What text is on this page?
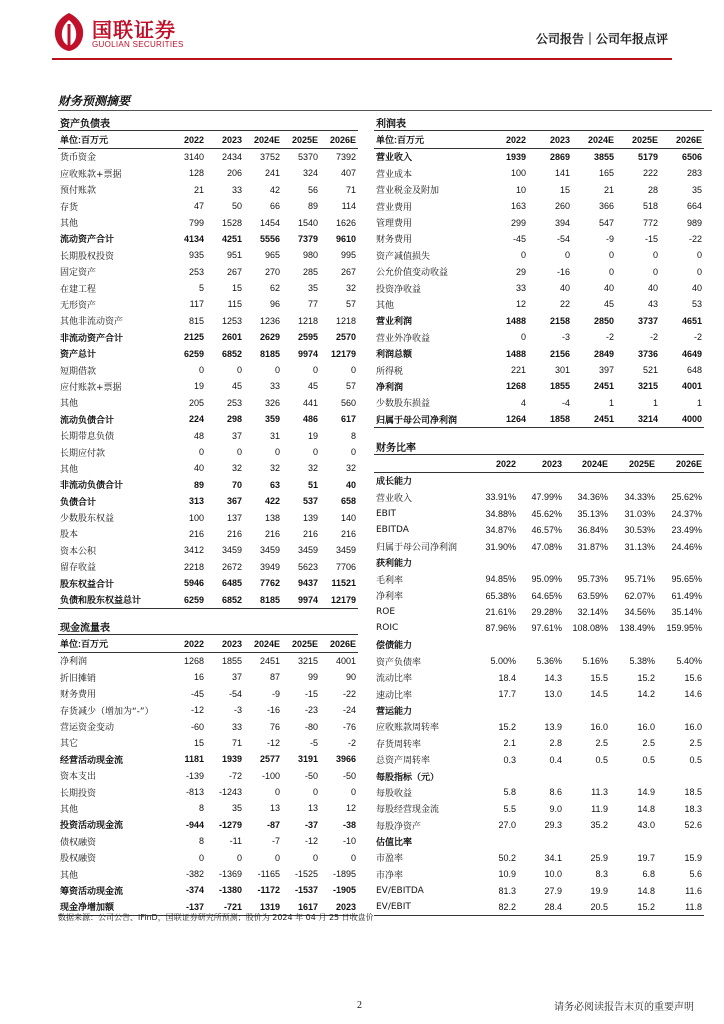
国联证券
GUOLIAN SECURITIES	公司报告｜公司年报点评
财务预测摘要
资产负债表					
单位:百万元	2022	2023	2024E	2025E	2026E
货币资金	3140	2434	3752	5370	7392
应收账款+票据	128	206	241	324	407
预付账款	21	33	42	56	71
存货	47	50	66	89	114
其他	799	1528	1454	1540	1626
流动资产合计	4134	4251	5556	7379	9610
长期股权投资	935	951	965	980	995
固定资产	253	267	270	285	267
在建工程	5	15	62	35	32
无形资产	117	115	96	77	57
其他非流动资产	815	1253	1236	1218	1218
非流动资产合计	2125	2601	2629	2595	2570
资产总计	6259	6852	8185	9974	12179
短期借款	0	0	0	0	0
应付账款+票据	19	45	33	45	57
其他	205	253	326	441	560
流动负债合计	224	298	359	486	617
长期带息负债	48	37	31	19	8
长期应付款	0	0	0	0	0
其他	40	32	32	32	32
非流动负债合计	89	70	63	51	40
负债合计	313	367	422	537	658
少数股东权益	100	137	138	139	140
股本	216	216	216	216	216
资本公积	3412	3459	3459	3459	3459
留存收益	2218	2672	3949	5623	7706
股东权益合计	5946	6485	7762	9437	11521
负债和股东权益总计	6259	6852	8185	9974	12179
现金流量表					
单位:百万元	2022	2023	2024E	2025E	2026E
净利润	1268	1855	2451	3215	4001
折旧摊销	16	37	87	99	90
财务费用	-45	-54	-9	-15	-22
存货减少（增加为“-”）	-12	-3	-16	-23	-24
营运资金变动	-60	33	76	-80	-76
其它	15	71	-12	-5	-2
经营活动现金流	1181	1939	2577	3191	3966
资本支出	-139	-72	-100	-50	-50
长期投资	-813	-1243	0	0	0
其他	8	35	13	13	12
投资活动现金流	-944	-1279	-87	-37	-38
债权融资	8	-11	-7	-12	-10
股权融资	0	0	0	0	0
其他	-382	-1369	-1165	-1525	-1895
筹资活动现金流	-374	-1380	-1172	-1537	-1905
现金净增加额	-137	-721	1319	1617	2023
利润表					
单位:百万元	2022	2023	2024E	2025E	2026E
营业收入	1939	2869	3855	5179	6506
营业成本	100	141	165	222	283
营业税金及附加	10	15	21	28	35
营业费用	163	260	366	518	664
管理费用	299	394	547	772	989
财务费用	-45	-54	-9	-15	-22
资产减值损失	0	0	0	0	0
公允价值变动收益	29	-16	0	0	0
投资净收益	33	40	40	40	40
其他	12	22	45	43	53
营业利润	1488	2158	2850	3737	4651
营业外净收益	0	-3	-2	-2	-2
利润总额	1488	2156	2849	3736	4649
所得税	221	301	397	521	648
净利润	1268	1855	2451	3215	4001
少数股东损益	4	-4	1	1	1
归属于母公司净利润	1264	1858	2451	3214	4000
财务比率					
	2022	2023	2024E	2025E	2026E
成长能力					
营业收入	33.91%	47.99%	34.36%	34.33%	25.62%
EBIT	34.88%	45.62%	35.13%	31.03%	24.37%
EBITDA	34.87%	46.57%	36.84%	30.53%	23.49%
归属于母公司净利润	31.90%	47.08%	31.87%	31.13%	24.46%
获利能力					
毛利率	94.85%	95.09%	95.73%	95.71%	95.65%
净利率	65.38%	64.65%	63.59%	62.07%	61.49%
ROE	21.61%	29.28%	32.14%	34.56%	35.14%
ROIC	87.96%	97.61%	108.08%	138.49%	159.95%
偿债能力					
资产负债率	5.00%	5.36%	5.16%	5.38%	5.40%
流动比率	18.4	14.3	15.5	15.2	15.6
速动比率	17.7	13.0	14.5	14.2	14.6
营运能力					
应收账款周转率	15.2	13.9	16.0	16.0	16.0
存货周转率	2.1	2.8	2.5	2.5	2.5
总资产周转率	0.3	0.4	0.5	0.5	0.5
每股指标（元）					
每股收益	5.8	8.6	11.3	14.9	18.5
每股经营现金流	5.5	9.0	11.9	14.8	18.3
每股净资产	27.0	29.3	35.2	43.0	52.6
估值比率					
市盈率	50.2	34.1	25.9	19.7	15.9
市净率	10.9	10.0	8.3	6.8	5.6
EV/EBITDA	81.3	27.9	19.9	14.8	11.6
EV/EBIT	82.2	28.4	20.5	15.2	11.8
数据来源：公司公告、iFinD，国联证券研究所预测；股价为 2024 年 04 月 25 日收盘价
2	请务必阅读报告末页的重要声明
